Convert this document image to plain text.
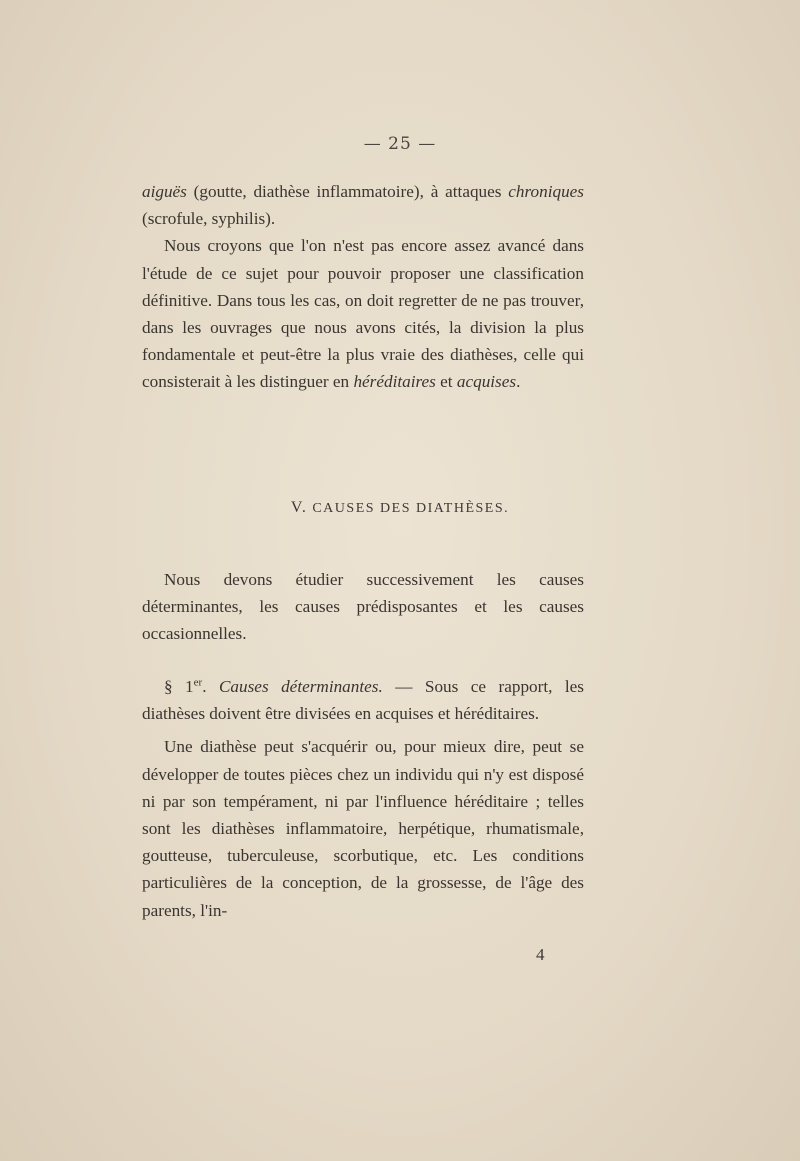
— 25 —

aiguës (goutte, diathèse inflammatoire), à attaques chroniques (scrofule, syphilis).

Nous croyons que l'on n'est pas encore assez avancé dans l'étude de ce sujet pour pouvoir proposer une classification définitive. Dans tous les cas, on doit regretter de ne pas trouver, dans les ouvrages que nous avons cités, la division la plus fondamentale et peut-être la plus vraie des diathèses, celle qui consisterait à les distinguer en héréditaires et acquises.

V. CAUSES DES DIATHÈSES.

Nous devons étudier successivement les causes déterminantes, les causes prédisposantes et les causes occasionnelles.

§ 1er. Causes déterminantes. — Sous ce rapport, les diathèses doivent être divisées en acquises et héréditaires.

Une diathèse peut s'acquérir ou, pour mieux dire, peut se développer de toutes pièces chez un individu qui n'y est disposé ni par son tempérament, ni par l'influence héréditaire ; telles sont les diathèses inflammatoire, herpétique, rhumatismale, goutteuse, tuberculeuse, scorbutique, etc. Les conditions particulières de la conception, de la grossesse, de l'âge des parents, l'in-

4
